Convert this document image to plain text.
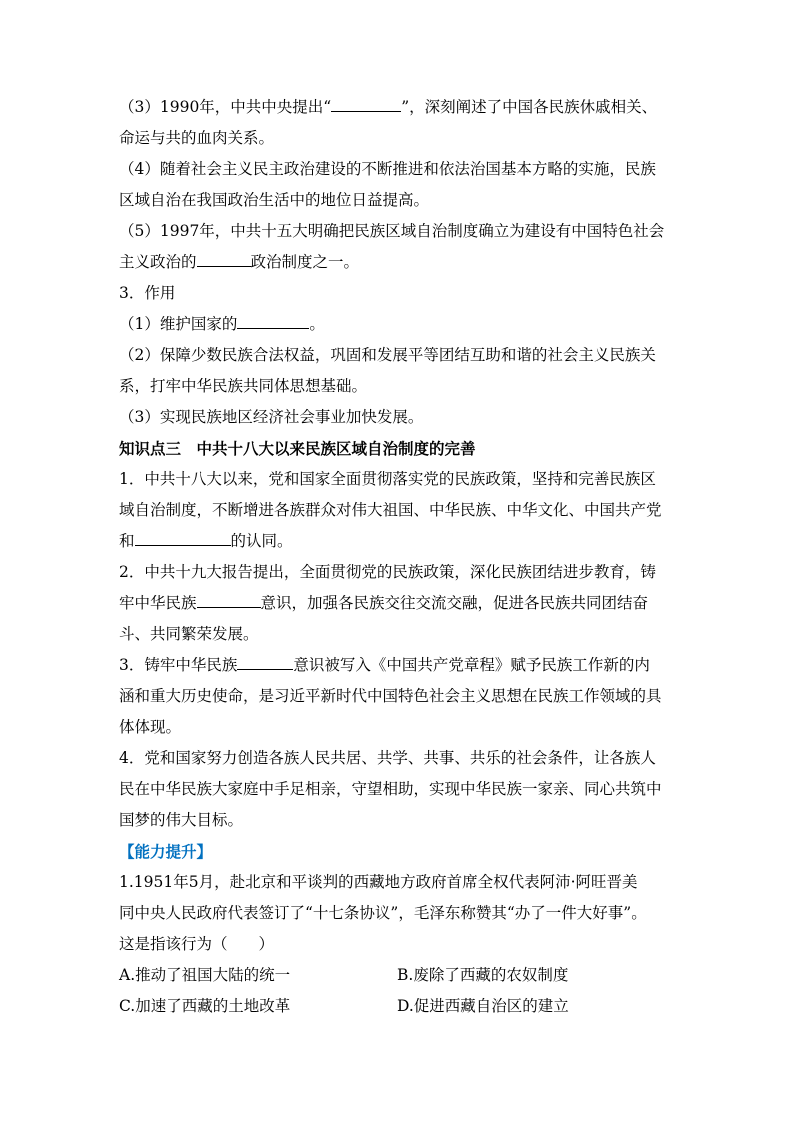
（3）1990年，中共中央提出“	”，深刻阐述了中国各民族休戚相关、
命运与共的血肉关系。
（4）随着社会主义民主政治建设的不断推进和依法治国基本方略的实施，民族
区域自治在我国政治生活中的地位日益提高。
（5）1997年，中共十五大明确把民族区域自治制度确立为建设有中国特色社会
主义政治的	政治制度之一。
3．作用
（1）维护国家的	。
（2）保障少数民族合法权益，巩固和发展平等团结互助和谐的社会主义民族关
系，打牢中华民族共同体思想基础。
（3）实现民族地区经济社会事业加快发展。
知识点三　中共十八大以来民族区域自治制度的完善
1．中共十八大以来，党和国家全面贯彻落实党的民族政策，坚持和完善民族区
域自治制度，不断增进各族群众对伟大祖国、中华民族、中华文化、中国共产党
和	的认同。
2．中共十九大报告提出，全面贯彻党的民族政策，深化民族团结进步教育，铸
牢中华民族	意识，加强各民族交往交流交融，促进各民族共同团结奋
斗、共同繁荣发展。
3．铸牢中华民族	意识被写入《中国共产党章程》赋予民族工作新的内
涵和重大历史使命，是习近平新时代中国特色社会主义思想在民族工作领域的具
体体现。
4．党和国家努力创造各族人民共居、共学、共事、共乐的社会条件，让各族人
民在中华民族大家庭中手足相亲，守望相助，实现中华民族一家亲、同心共筑中
国梦的伟大目标。
【能力提升】
1.1951年5月，赴北京和平谈判的西藏地方政府首席全权代表阿沛·阿旺晋美
同中央人民政府代表签订了“十七条协议”，毛泽东称赞其“办了一件大好事”。
这是指该行为（　　）
A.推动了祖国大陆的统一	B.废除了西藏的农奴制度
C.加速了西藏的土地改革	D.促进西藏自治区的建立
